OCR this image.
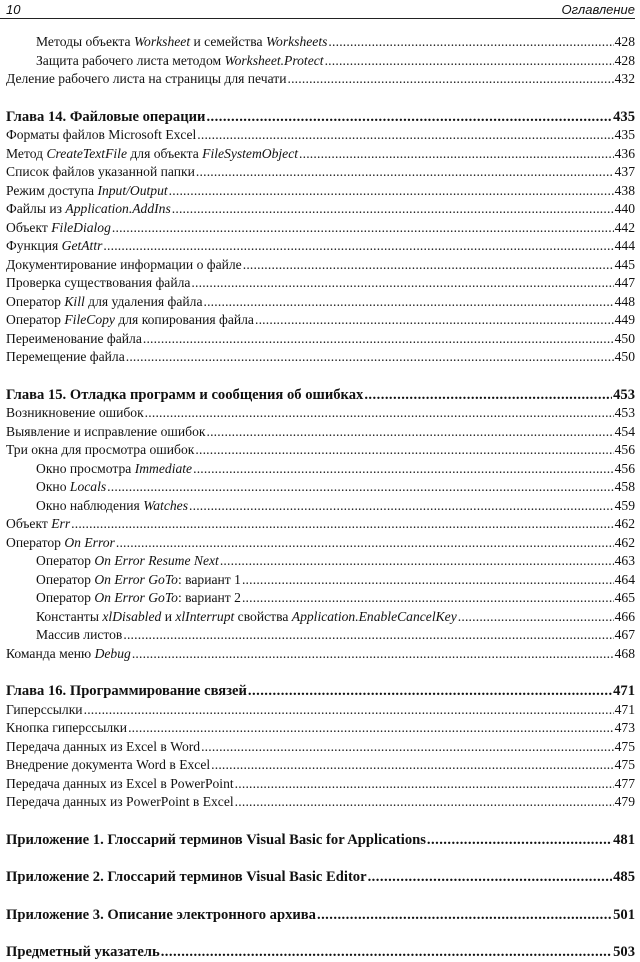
10	Оглавление
Методы объекта Worksheet и семейства Worksheets . . .	428
Защита рабочего листа методом Worksheet.Protect . . .	428
Деление рабочего листа на страницы для печати . . .	432
Глава 14. Файловые операции . . .	435
Форматы файлов Microsoft Excel . . .	435
Метод CreateTextFile для объекта FileSystemObject . . .	436
Список файлов указанной папки . . .	437
Режим доступа Input/Output . . .	438
Файлы из Application.AddIns . . .	440
Объект FileDialog . . .	442
Функция GetAttr . . .	444
Документирование информации о файле . . .	445
Проверка существования файла . . .	447
Оператор Kill для удаления файла . . .	448
Оператор FileCopy для копирования файла . . .	449
Переименование файла . . .	450
Перемещение файла . . .	450
Глава 15. Отладка программ и сообщения об ошибках . . .	453
Возникновение ошибок . . .	453
Выявление и исправление ошибок . . .	454
Три окна для просмотра ошибок . . .	456
Окно просмотра Immediate . . .	456
Окно Locals . . .	458
Окно наблюдения Watches . . .	459
Объект Err . . .	462
Оператор On Error . . .	462
Оператор On Error Resume Next . . .	463
Оператор On Error GoTo: вариант 1 . . .	464
Оператор On Error GoTo: вариант 2 . . .	465
Константы xlDisabled и xlInterrupt свойства Application.EnableCancelKey . . .	466
Массив листов . . .	467
Команда меню Debug . . .	468
Глава 16. Программирование связей . . .	471
Гиперссылки . . .	471
Кнопка гиперссылки . . .	473
Передача данных из Excel в Word . . .	475
Внедрение документа Word в Excel . . .	475
Передача данных из Excel в PowerPoint . . .	477
Передача данных из PowerPoint в Excel . . .	479
Приложение 1. Глоссарий терминов Visual Basic for Applications . . .	481
Приложение 2. Глоссарий терминов Visual Basic Editor . . .	485
Приложение 3. Описание электронного архива . . .	501
Предметный указатель . . .	503
